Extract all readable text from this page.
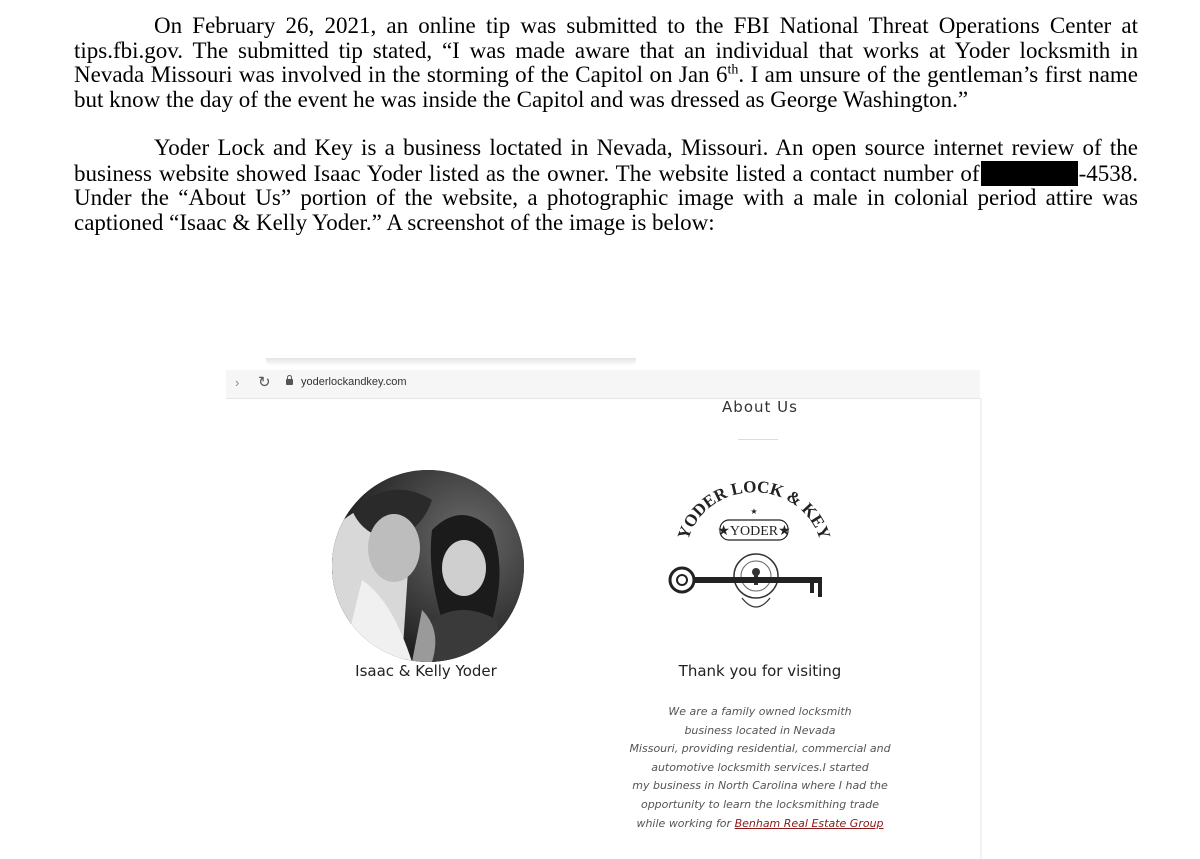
On February 26, 2021, an online tip was submitted to the FBI National Threat Operations Center at tips.fbi.gov. The submitted tip stated, “I was made aware that an individual that works at Yoder locksmith in Nevada Missouri was involved in the storming of the Capitol on Jan 6th. I am unsure of the gentleman’s first name but know the day of the event he was inside the Capitol and was dressed as George Washington.”

Yoder Lock and Key is a business loctated in Nevada, Missouri. An open source internet review of the business website showed Isaac Yoder listed as the owner. The website listed a contact number of	-4538. Under the “About Us” portion of the website, a photographic image with a male in colonial period attire was captioned “Isaac & Kelly Yoder.” A screenshot of the image is below:

› ↻	yoderlockandkey.com
About Us
Isaac & Kelly Yoder
YODER LOCK & KEY
★
★YODER★
Thank you for visiting
We are a family owned locksmith
business located in Nevada
Missouri, providing residential, commercial and
automotive locksmith services.I started
my business in North Carolina where I had the
opportunity to learn the locksmithing trade
while working for Benham Real Estate Group
